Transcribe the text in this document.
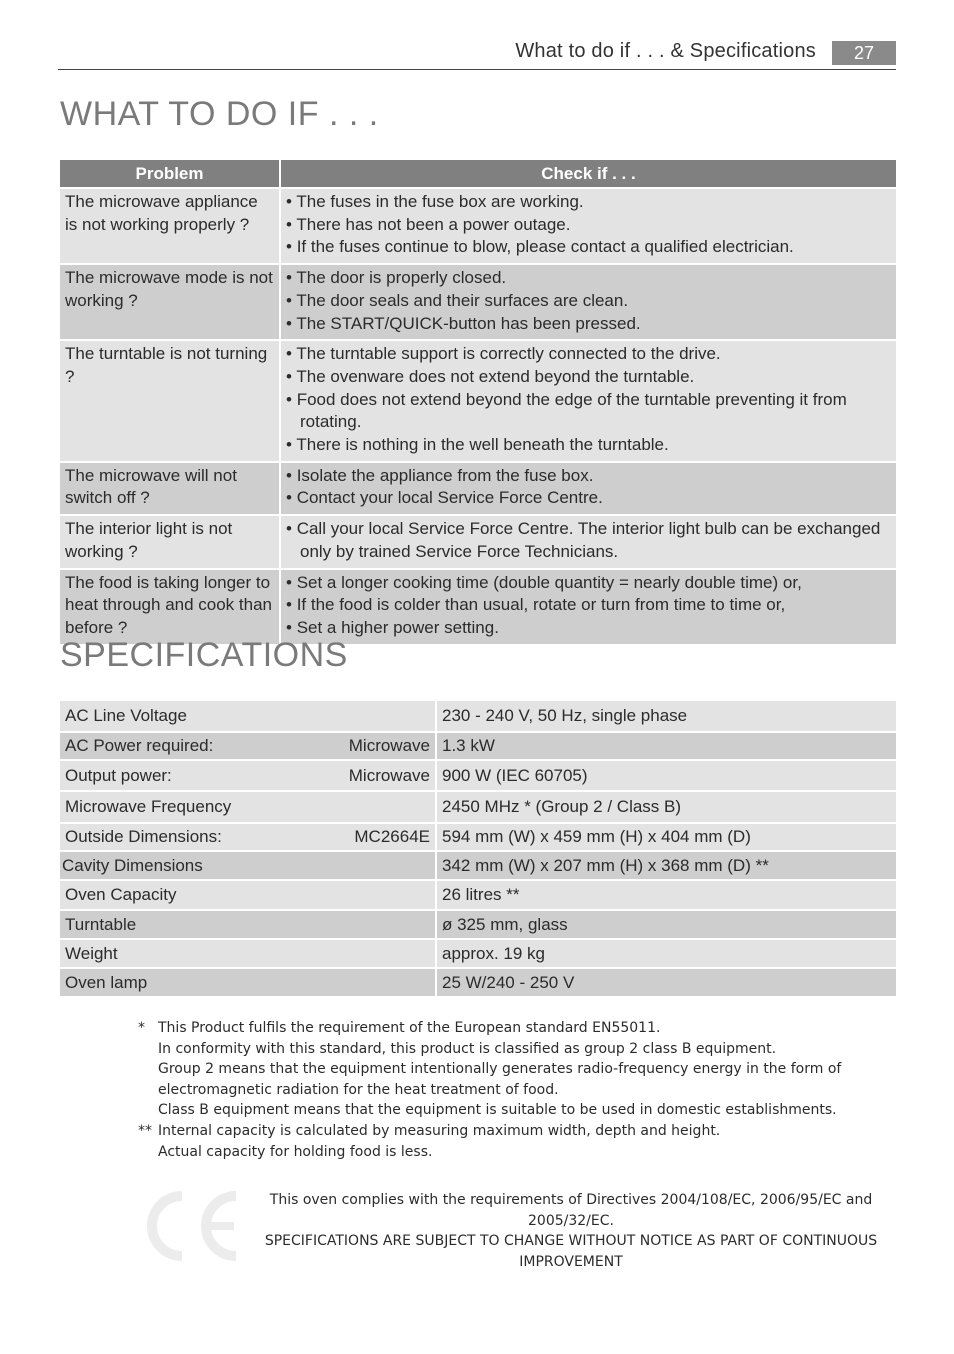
What to do if . . . & Specifications	27
WHAT TO DO IF . . .
Problem	Check if . . .
The microwave appliance is not working properly ?	• The fuses in the fuse box are working.
• There has not been a power outage.
• If the fuses continue to blow, please contact a qualified electrician.

The microwave mode is not working ?	• The door is properly closed.
• The door seals and their surfaces are clean.
• The START/QUICK-button has been pressed.

The turntable is not turning ?	• The turntable support is correctly connected to the drive.
• The ovenware does not extend beyond the turntable.
• Food does not extend beyond the edge of the turntable preventing it from rotating.
• There is nothing in the well beneath the turntable.

The microwave will not switch off ?	• Isolate the appliance from the fuse box.
• Contact your local Service Force Centre.

The interior light is not working ?	• Call your local Service Force Centre. The interior light bulb can be exchanged only by trained Service Force Technicians.

The food is taking longer to heat through and cook than before ?	• Set a longer cooking time (double quantity = nearly double time) or,
• If the food is colder than usual, rotate or turn from time to time or,
• Set a higher power setting.
SPECIFICATIONS
AC Line Voltage	230 - 240 V, 50 Hz, single phase
AC Power required: Microwave	1.3 kW
Output power: Microwave	900 W (IEC 60705)
Microwave Frequency	2450 MHz * (Group 2 / Class B)
Outside Dimensions: MC2664E	594 mm (W) x 459 mm (H) x 404 mm (D)
Cavity Dimensions	342 mm (W) x 207 mm (H) x 368 mm (D) **
Oven Capacity	26 litres **
Turntable	ø 325 mm, glass
Weight	approx. 19 kg
Oven lamp	25 W/240 - 250 V
* This Product fulfils the requirement of the European standard EN55011.
In conformity with this standard, this product is classified as group 2 class B equipment.
Group 2 means that the equipment intentionally generates radio-frequency energy in the form of electromagnetic radiation for the heat treatment of food.
Class B equipment means that the equipment is suitable to be used in domestic establishments.
** Internal capacity is calculated by measuring maximum width, depth and height.
Actual capacity for holding food is less.
This oven complies with the requirements of Directives 2004/108/EC, 2006/95/EC and 2005/32/EC.
SPECIFICATIONS ARE SUBJECT TO CHANGE WITHOUT NOTICE AS PART OF CONTINUOUS IMPROVEMENT
